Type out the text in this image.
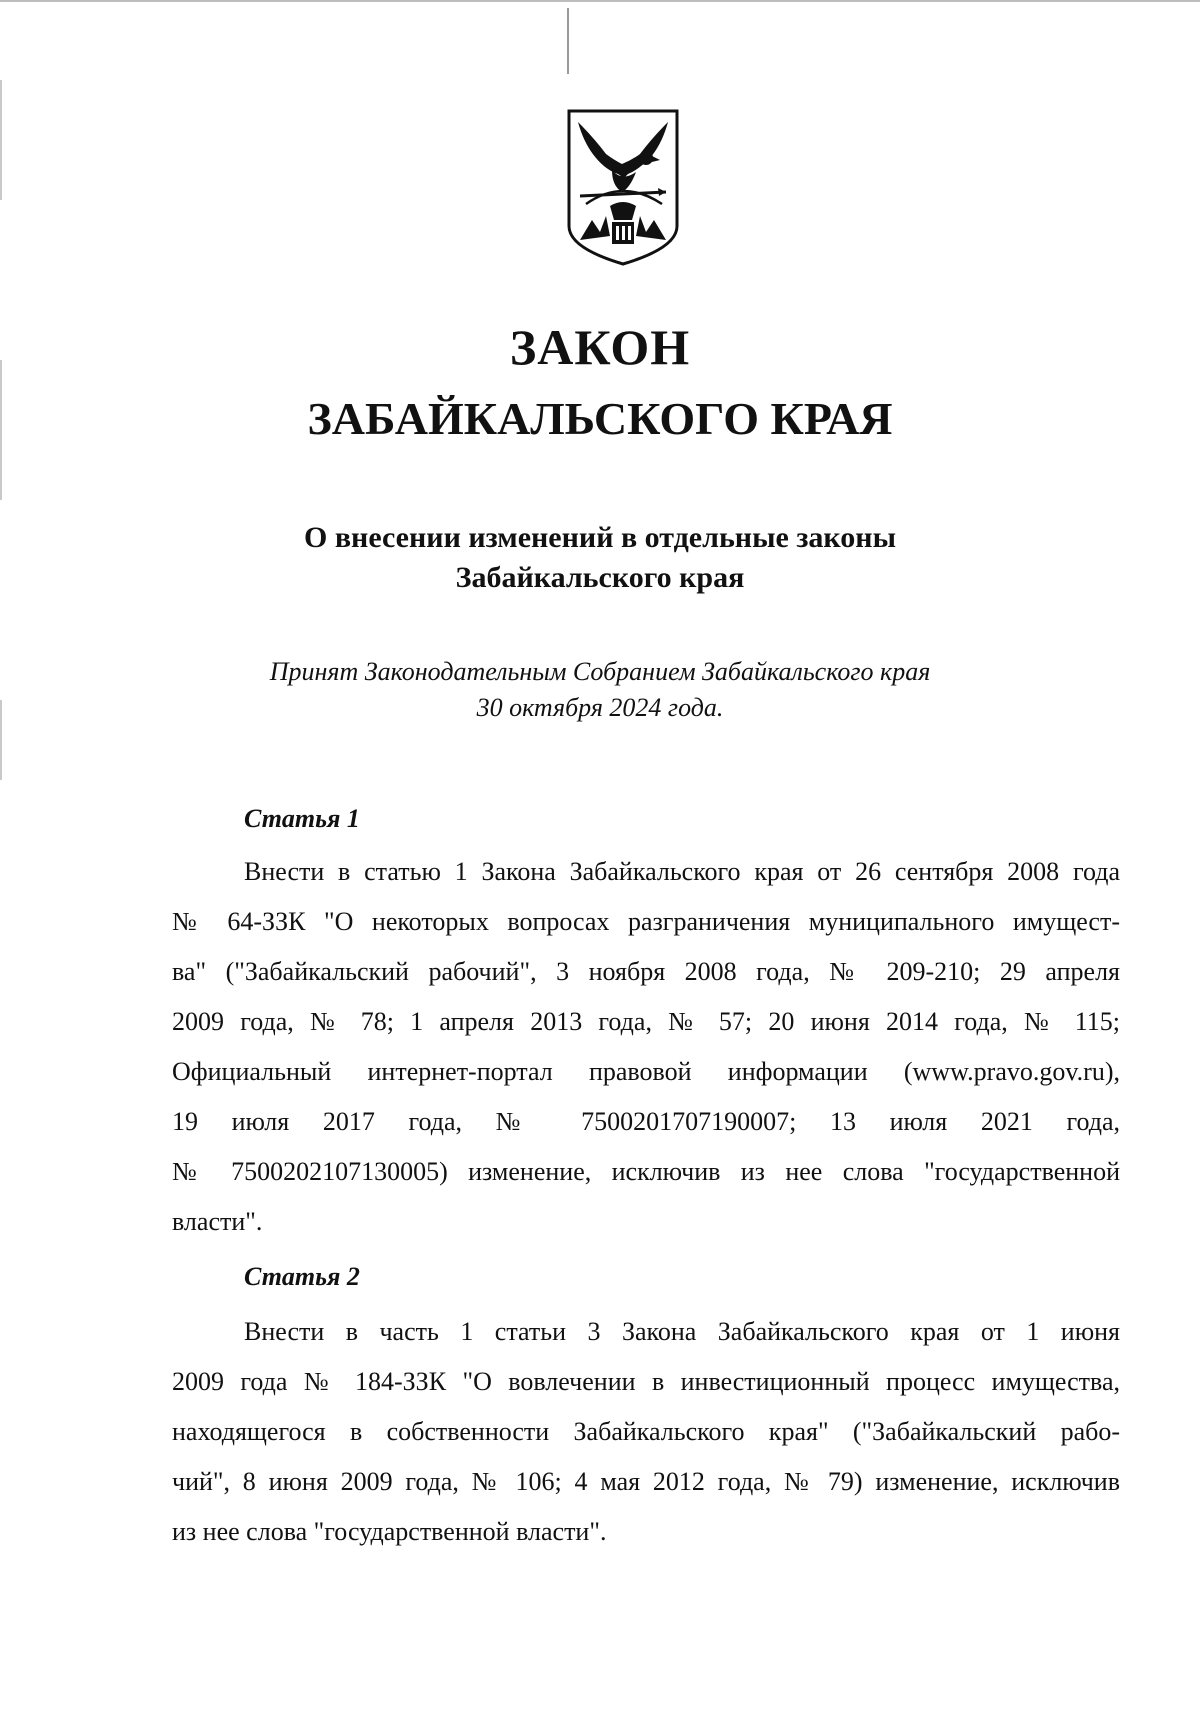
ЗАКОН
ЗАБАЙКАЛЬСКОГО КРАЯ
О внесении изменений в отдельные законы
Забайкальского края
Принят Законодательным Собранием Забайкальского края
30 октября 2024 года.
Статья 1
Внести в статью 1 Закона Забайкальского края от 26 сентября 2008 года
№ 64-ЗЗК "О некоторых вопросах разграничения муниципального имущест-
ва" ("Забайкальский рабочий", 3 ноября 2008 года, № 209-210; 29 апреля
2009 года, № 78; 1 апреля 2013 года, № 57; 20 июня 2014 года, № 115;
Официальный интернет-портал правовой информации (www.pravo.gov.ru),
19 июля 2017 года, № 7500201707190007; 13 июля 2021 года,
№ 7500202107130005) изменение, исключив из нее слова "государственной
власти".
Статья 2
Внести в часть 1 статьи 3 Закона Забайкальского края от 1 июня
2009 года № 184-ЗЗК "О вовлечении в инвестиционный процесс имущества,
находящегося в собственности Забайкальского края" ("Забайкальский рабо-
чий", 8 июня 2009 года, № 106; 4 мая 2012 года, № 79) изменение, исключив
из нее слова "государственной власти".
